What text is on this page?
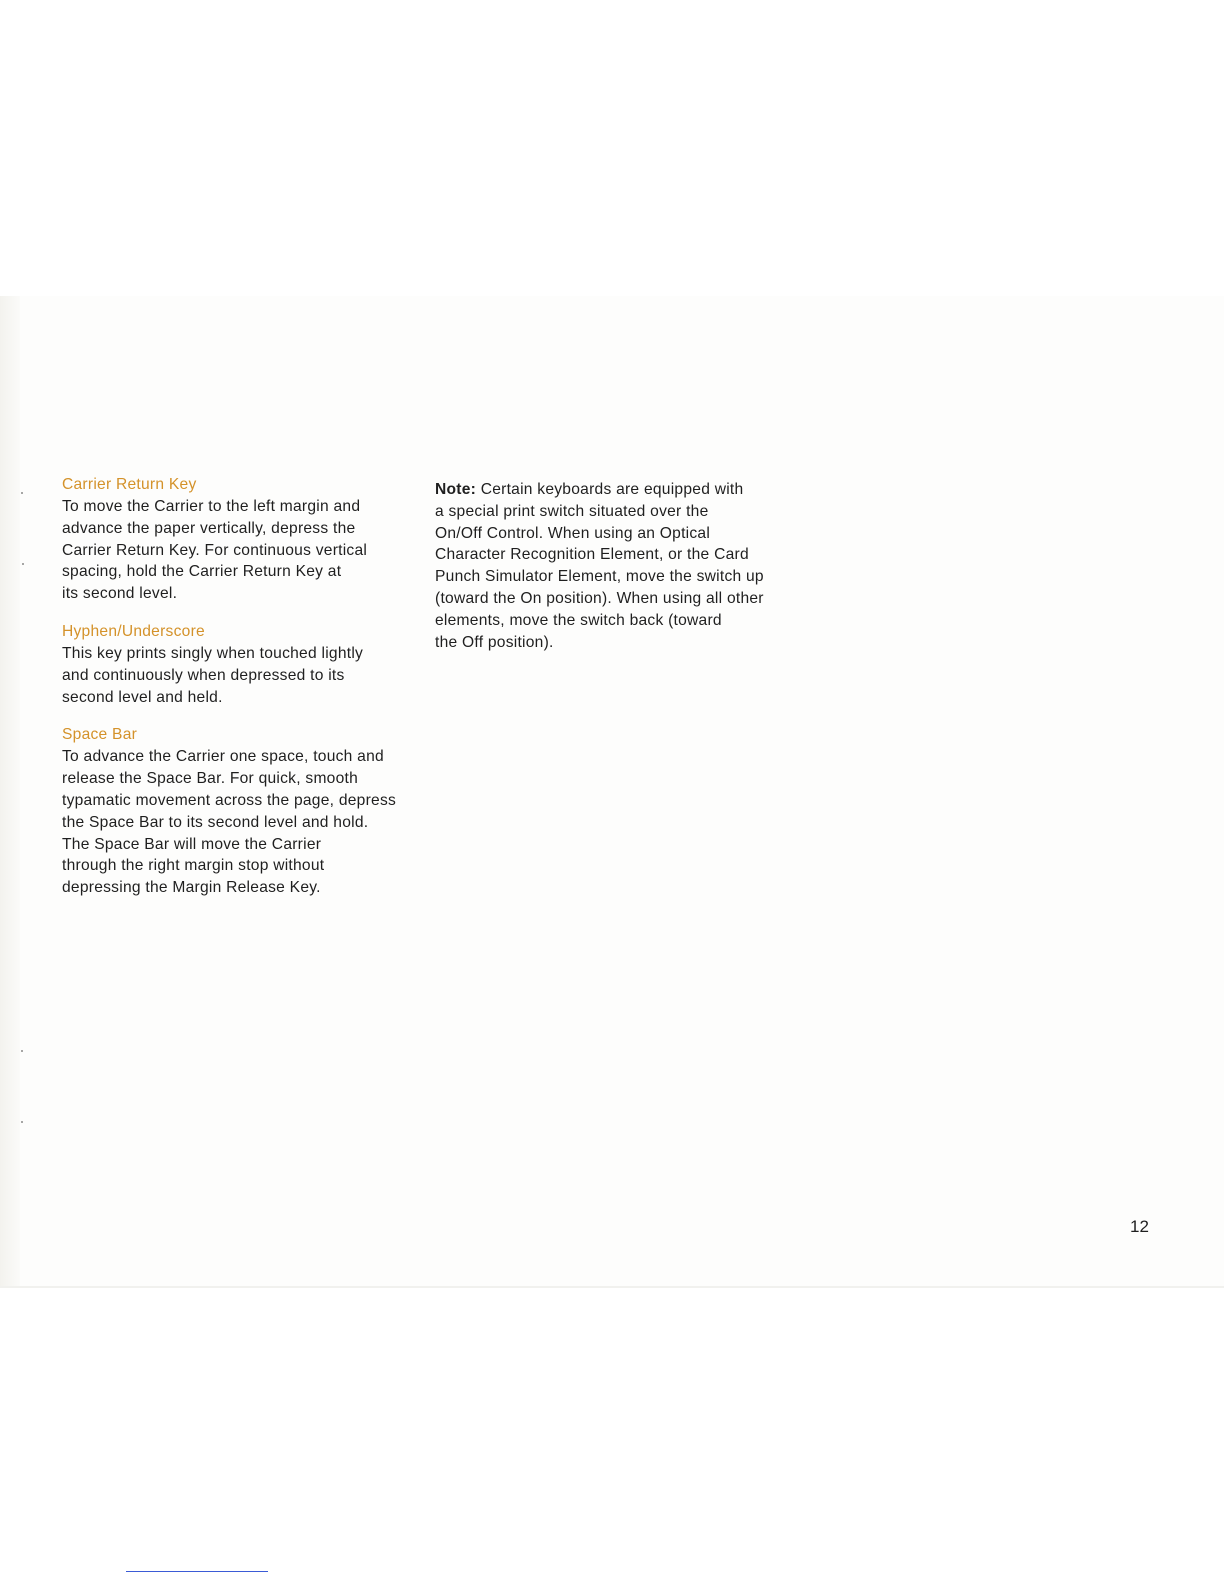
Carrier Return Key
To move the Carrier to the left margin and
advance the paper vertically, depress the
Carrier Return Key. For continuous vertical
spacing, hold the Carrier Return Key at
its second level.
Hyphen/Underscore
This key prints singly when touched lightly
and continuously when depressed to its
second level and held.
Space Bar
To advance the Carrier one space, touch and
release the Space Bar. For quick, smooth
typamatic movement across the page, depress
the Space Bar to its second level and hold.
The Space Bar will move the Carrier
through the right margin stop without
depressing the Margin Release Key.
Note: Certain keyboards are equipped with
a special print switch situated over the
On/Off Control. When using an Optical
Character Recognition Element, or the Card
Punch Simulator Element, move the switch up
(toward the On position). When using all other
elements, move the switch back (toward
the Off position).
12
